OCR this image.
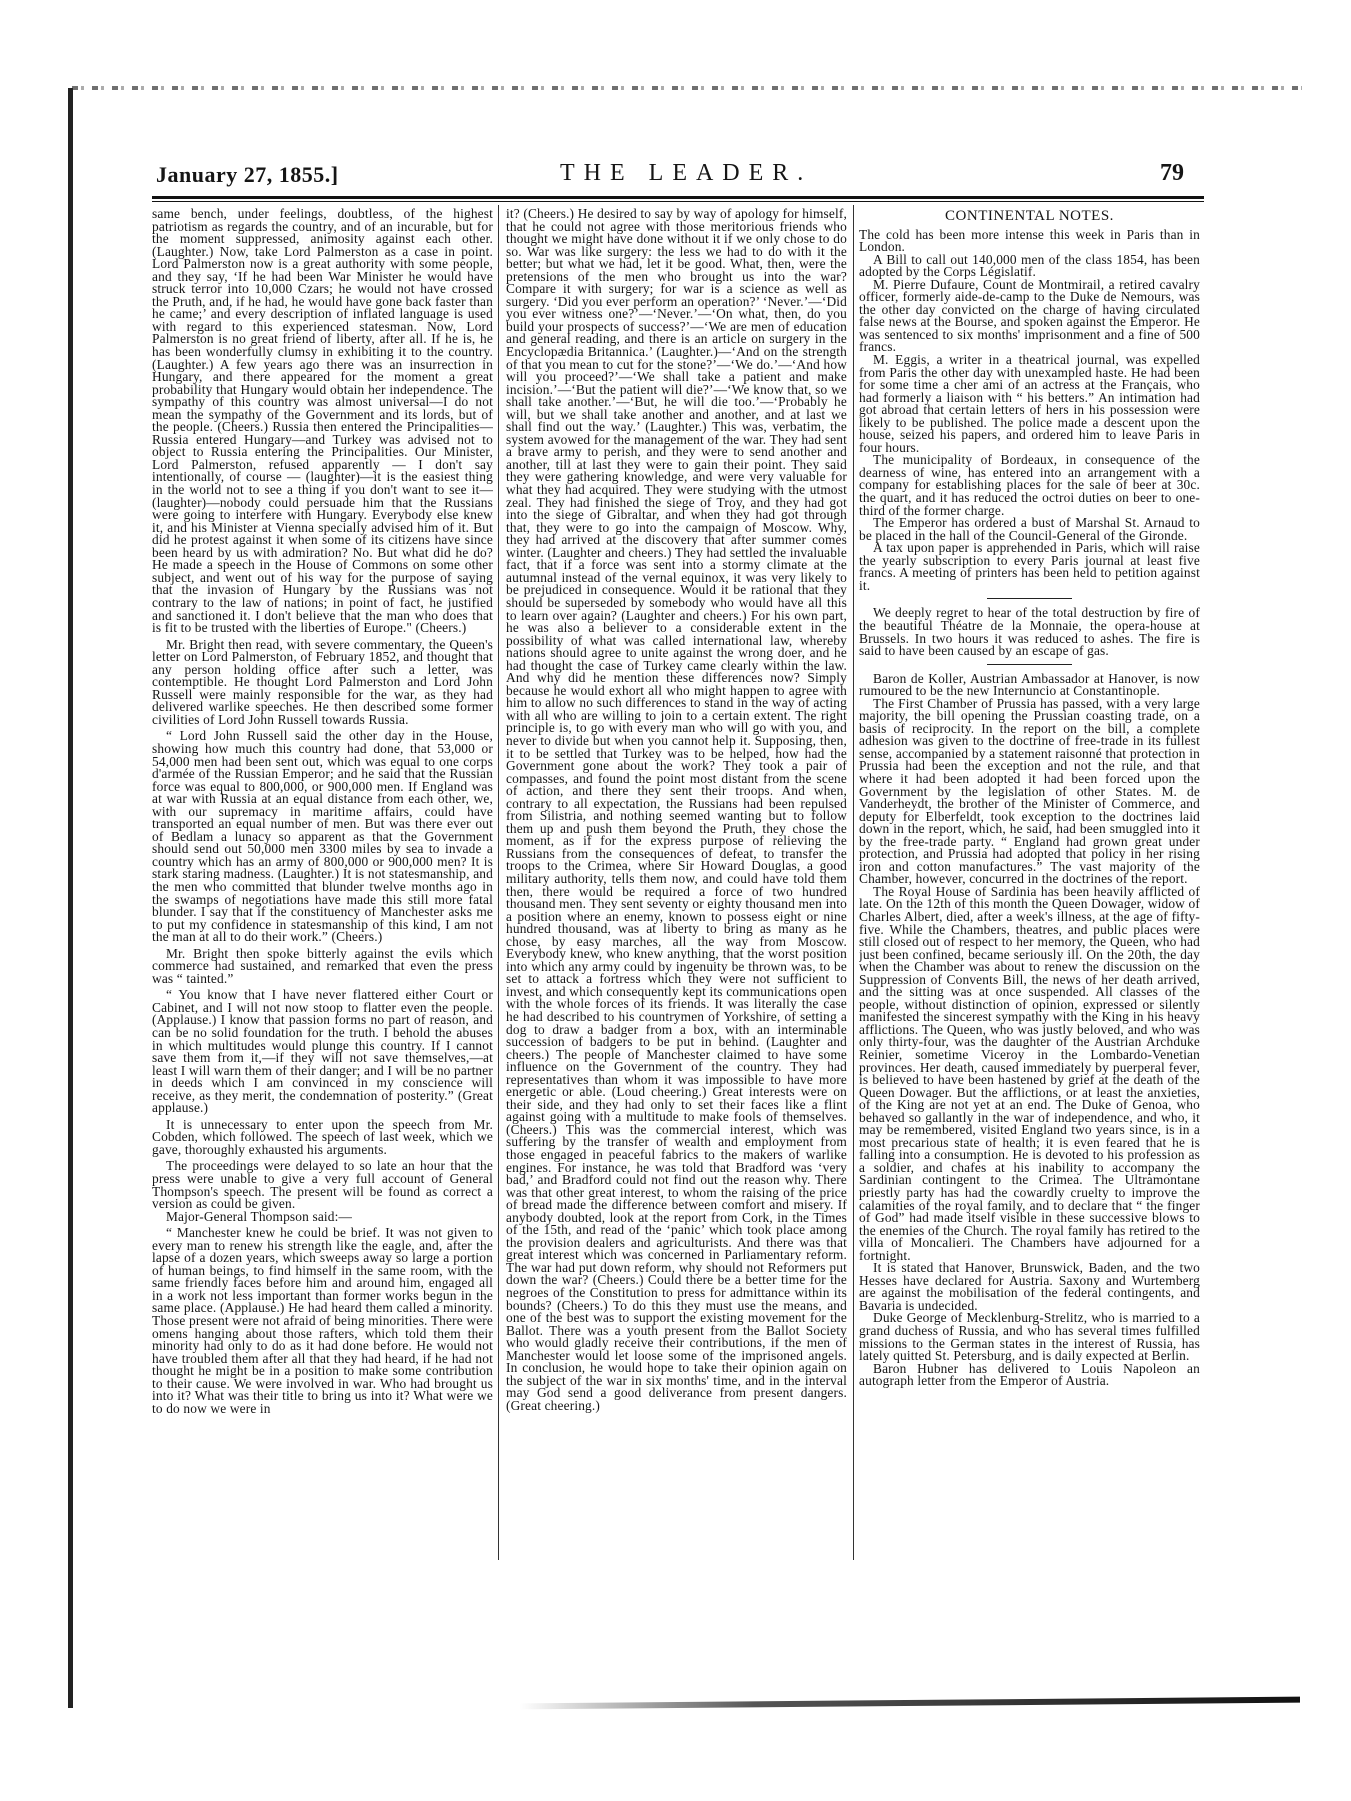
January 27, 1855.]	THE LEADER.	79

same bench, under feelings, doubtless, of the highest patriotism as regards the country, and of an incurable, but for the moment suppressed, animosity against each other. (Laughter.) Now, take Lord Palmerston as a case in point. Lord Palmerston now is a great authority with some people, and they say, ‘If he had been War Minister he would have struck terror into 10,000 Czars; he would not have crossed the Pruth, and, if he had, he would have gone back faster than he came;’ and every description of inflated language is used with regard to this experienced statesman. Now, Lord Palmerston is no great friend of liberty, after all. If he is, he has been wonderfully clumsy in exhibiting it to the country. (Laughter.) A few years ago there was an insurrection in Hungary, and there appeared for the moment a great probability that Hungary would obtain her independence. The sympathy of this country was almost universal—I do not mean the sympathy of the Government and its lords, but of the people. (Cheers.) Russia then entered the Principalities—Russia entered Hungary—and Turkey was advised not to object to Russia entering the Principalities. Our Minister, Lord Palmerston, refused apparently — I don't say intentionally, of course — (laughter)—it is the easiest thing in the world not to see a thing if you don't want to see it—(laughter)—nobody could persuade him that the Russians were going to interfere with Hungary. Everybody else knew it, and his Minister at Vienna specially advised him of it. But did he protest against it when some of its citizens have since been heard by us with admiration? No. But what did he do? He made a speech in the House of Commons on some other subject, and went out of his way for the purpose of saying that the invasion of Hungary by the Russians was not contrary to the law of nations; in point of fact, he justified and sanctioned it. I don't believe that the man who does that is fit to be trusted with the liberties of Europe." (Cheers.)

Mr. Bright then read, with severe commentary, the Queen's letter on Lord Palmerston, of February 1852, and thought that any person holding office after such a letter, was contemptible. He thought Lord Palmerston and Lord John Russell were mainly responsible for the war, as they had delivered warlike speeches. He then described some former civilities of Lord John Russell towards Russia.

“ Lord John Russell said the other day in the House, showing how much this country had done, that 53,000 or 54,000 men had been sent out, which was equal to one corps d'armée of the Russian Emperor; and he said that the Russian force was equal to 800,000, or 900,000 men. If England was at war with Russia at an equal distance from each other, we, with our supremacy in maritime affairs, could have transported an equal number of men. But was there ever out of Bedlam a lunacy so apparent as that the Government should send out 50,000 men 3300 miles by sea to invade a country which has an army of 800,000 or 900,000 men? It is stark staring madness. (Laughter.) It is not statesmanship, and the men who committed that blunder twelve months ago in the swamps of negotiations have made this still more fatal blunder. I say that if the constituency of Manchester asks me to put my confidence in statesmanship of this kind, I am not the man at all to do their work.” (Cheers.)

Mr. Bright then spoke bitterly against the evils which commerce had sustained, and remarked that even the press was “ tainted.”

“ You know that I have never flattered either Court or Cabinet, and I will not now stoop to flatter even the people. (Applause.) I know that passion forms no part of reason, and can be no solid foundation for the truth. I behold the abuses in which multitudes would plunge this country. If I cannot save them from it,—if they will not save themselves,—at least I will warn them of their danger; and I will be no partner in deeds which I am convinced in my conscience will receive, as they merit, the condemnation of posterity.” (Great applause.)

It is unnecessary to enter upon the speech from Mr. Cobden, which followed. The speech of last week, which we gave, thoroughly exhausted his arguments.

The proceedings were delayed to so late an hour that the press were unable to give a very full account of General Thompson's speech. The present will be found as correct a version as could be given.

Major-General Thompson said:—

“ Manchester knew he could be brief. It was not given to every man to renew his strength like the eagle, and, after the lapse of a dozen years, which sweeps away so large a portion of human beings, to find himself in the same room, with the same friendly faces before him and around him, engaged all in a work not less important than former works begun in the same place. (Applause.) He had heard them called a minority. Those present were not afraid of being minorities. There were omens hanging about those rafters, which told them their minority had only to do as it had done before. He would not have troubled them after all that they had heard, if he had not thought he might be in a position to make some contribution to their cause. We were involved in war. Who had brought us into it? What was their title to bring us into it? What were we to do now we were in

it? (Cheers.) He desired to say by way of apology for himself, that he could not agree with those meritorious friends who thought we might have done without it if we only chose to do so. War was like surgery: the less we had to do with it the better; but what we had, let it be good. What, then, were the pretensions of the men who brought us into the war? Compare it with surgery; for war is a science as well as surgery. ‘Did you ever perform an operation?’ ‘Never.’—‘Did you ever witness one?’—‘Never.’—‘On what, then, do you build your prospects of success?’—‘We are men of education and general reading, and there is an article on surgery in the Encyclopædia Britannica.’ (Laughter.)—‘And on the strength of that you mean to cut for the stone?’—‘We do.’—‘And how will you proceed?’—‘We shall take a patient and make incision.’—‘But the patient will die?’—‘We know that, so we shall take another.’—‘But, he will die too.’—‘Probably he will, but we shall take another and another, and at last we shall find out the way.’ (Laughter.) This was, verbatim, the system avowed for the management of the war. They had sent a brave army to perish, and they were to send another and another, till at last they were to gain their point. They said they were gathering knowledge, and were very valuable for what they had acquired. They were studying with the utmost zeal. They had finished the siege of Troy, and they had got into the siege of Gibraltar, and when they had got through that, they were to go into the campaign of Moscow. Why, they had arrived at the discovery that after summer comes winter. (Laughter and cheers.) They had settled the invaluable fact, that if a force was sent into a stormy climate at the autumnal instead of the vernal equinox, it was very likely to be prejudiced in consequence. Would it be rational that they should be superseded by somebody who would have all this to learn over again? (Laughter and cheers.) For his own part, he was also a believer to a considerable extent in the possibility of what was called international law, whereby nations should agree to unite against the wrong doer, and he had thought the case of Turkey came clearly within the law. And why did he mention these differences now? Simply because he would exhort all who might happen to agree with him to allow no such differences to stand in the way of acting with all who are willing to join to a certain extent. The right principle is, to go with every man who will go with you, and never to divide but when you cannot help it. Supposing, then, it to be settled that Turkey was to be helped, how had the Government gone about the work? They took a pair of compasses, and found the point most distant from the scene of action, and there they sent their troops. And when, contrary to all expectation, the Russians had been repulsed from Silistria, and nothing seemed wanting but to follow them up and push them beyond the Pruth, they chose the moment, as if for the express purpose of relieving the Russians from the consequences of defeat, to transfer the troops to the Crimea, where Sir Howard Douglas, a good military authority, tells them now, and could have told them then, there would be required a force of two hundred thousand men. They sent seventy or eighty thousand men into a position where an enemy, known to possess eight or nine hundred thousand, was at liberty to bring as many as he chose, by easy marches, all the way from Moscow. Everybody knew, who knew anything, that the worst position into which any army could by ingenuity be thrown was, to be set to attack a fortress which they were not sufficient to invest, and which consequently kept its communications open with the whole forces of its friends. It was literally the case he had described to his countrymen of Yorkshire, of setting a dog to draw a badger from a box, with an interminable succession of badgers to be put in behind. (Laughter and cheers.) The people of Manchester claimed to have some influence on the Government of the country. They had representatives than whom it was impossible to have more energetic or able. (Loud cheering.) Great interests were on their side, and they had only to set their faces like a flint against going with a multitude to make fools of themselves. (Cheers.) This was the commercial interest, which was suffering by the transfer of wealth and employment from those engaged in peaceful fabrics to the makers of warlike engines. For instance, he was told that Bradford was ‘very bad,’ and Bradford could not find out the reason why. There was that other great interest, to whom the raising of the price of bread made the difference between comfort and misery. If anybody doubted, look at the report from Cork, in the Times of the 15th, and read of the ‘panic’ which took place among the provision dealers and agriculturists. And there was that great interest which was concerned in Parliamentary reform. The war had put down reform, why should not Reformers put down the war? (Cheers.) Could there be a better time for the negroes of the Constitution to press for admittance within its bounds? (Cheers.) To do this they must use the means, and one of the best was to support the existing movement for the Ballot. There was a youth present from the Ballot Society who would gladly receive their contributions, if the men of Manchester would let loose some of the imprisoned angels. In conclusion, he would hope to take their opinion again on the subject of the war in six months' time, and in the interval may God send a good deliverance from present dangers. (Great cheering.)

CONTINENTAL NOTES.

The cold has been more intense this week in Paris than in London.

A Bill to call out 140,000 men of the class 1854, has been adopted by the Corps Législatif.

M. Pierre Dufaure, Count de Montmirail, a retired cavalry officer, formerly aide-de-camp to the Duke de Nemours, was the other day convicted on the charge of having circulated false news at the Bourse, and spoken against the Emperor. He was sentenced to six months' imprisonment and a fine of 500 francs.

M. Eggis, a writer in a theatrical journal, was expelled from Paris the other day with unexampled haste. He had been for some time a cher ami of an actress at the Français, who had formerly a liaison with “ his betters.” An intimation had got abroad that certain letters of hers in his possession were likely to be published. The police made a descent upon the house, seized his papers, and ordered him to leave Paris in four hours.

The municipality of Bordeaux, in consequence of the dearness of wine, has entered into an arrangement with a company for establishing places for the sale of beer at 30c. the quart, and it has reduced the octroi duties on beer to one-third of the former charge.

The Emperor has ordered a bust of Marshal St. Arnaud to be placed in the hall of the Council-General of the Gironde.

A tax upon paper is apprehended in Paris, which will raise the yearly subscription to every Paris journal at least five francs. A meeting of printers has been held to petition against it.

We deeply regret to hear of the total destruction by fire of the beautiful Théatre de la Monnaie, the opera-house at Brussels. In two hours it was reduced to ashes. The fire is said to have been caused by an escape of gas.

Baron de Koller, Austrian Ambassador at Hanover, is now rumoured to be the new Internuncio at Constantinople.

The First Chamber of Prussia has passed, with a very large majority, the bill opening the Prussian coasting trade, on a basis of reciprocity. In the report on the bill, a complete adhesion was given to the doctrine of free-trade in its fullest sense, accompanied by a statement raisonné that protection in Prussia had been the exception and not the rule, and that where it had been adopted it had been forced upon the Government by the legislation of other States. M. de Vanderheydt, the brother of the Minister of Commerce, and deputy for Elberfeldt, took exception to the doctrines laid down in the report, which, he said, had been smuggled into it by the free-trade party. “ England had grown great under protection, and Prussia had adopted that policy in her rising iron and cotton manufactures.” The vast majority of the Chamber, however, concurred in the doctrines of the report.

The Royal House of Sardinia has been heavily afflicted of late. On the 12th of this month the Queen Dowager, widow of Charles Albert, died, after a week's illness, at the age of fifty-five. While the Chambers, theatres, and public places were still closed out of respect to her memory, the Queen, who had just been confined, became seriously ill. On the 20th, the day when the Chamber was about to renew the discussion on the Suppression of Convents Bill, the news of her death arrived, and the sitting was at once suspended. All classes of the people, without distinction of opinion, expressed or silently manifested the sincerest sympathy with the King in his heavy afflictions. The Queen, who was justly beloved, and who was only thirty-four, was the daughter of the Austrian Archduke Reinier, sometime Viceroy in the Lombardo-Venetian provinces. Her death, caused immediately by puerperal fever, is believed to have been hastened by grief at the death of the Queen Dowager. But the afflictions, or at least the anxieties, of the King are not yet at an end. The Duke of Genoa, who behaved so gallantly in the war of independence, and who, it may be remembered, visited England two years since, is in a most precarious state of health; it is even feared that he is falling into a consumption. He is devoted to his profession as a soldier, and chafes at his inability to accompany the Sardinian contingent to the Crimea. The Ultramontane priestly party has had the cowardly cruelty to improve the calamities of the royal family, and to declare that “ the finger of God” had made itself visible in these successive blows to the enemies of the Church. The royal family has retired to the villa of Moncalieri. The Chambers have adjourned for a fortnight.

It is stated that Hanover, Brunswick, Baden, and the two Hesses have declared for Austria. Saxony and Wurtemberg are against the mobilisation of the federal contingents, and Bavaria is undecided.

Duke George of Mecklenburg-Strelitz, who is married to a grand duchess of Russia, and who has several times fulfilled missions to the German states in the interest of Russia, has lately quitted St. Petersburg, and is daily expected at Berlin.

Baron Hubner has delivered to Louis Napoleon an autograph letter from the Emperor of Austria.
